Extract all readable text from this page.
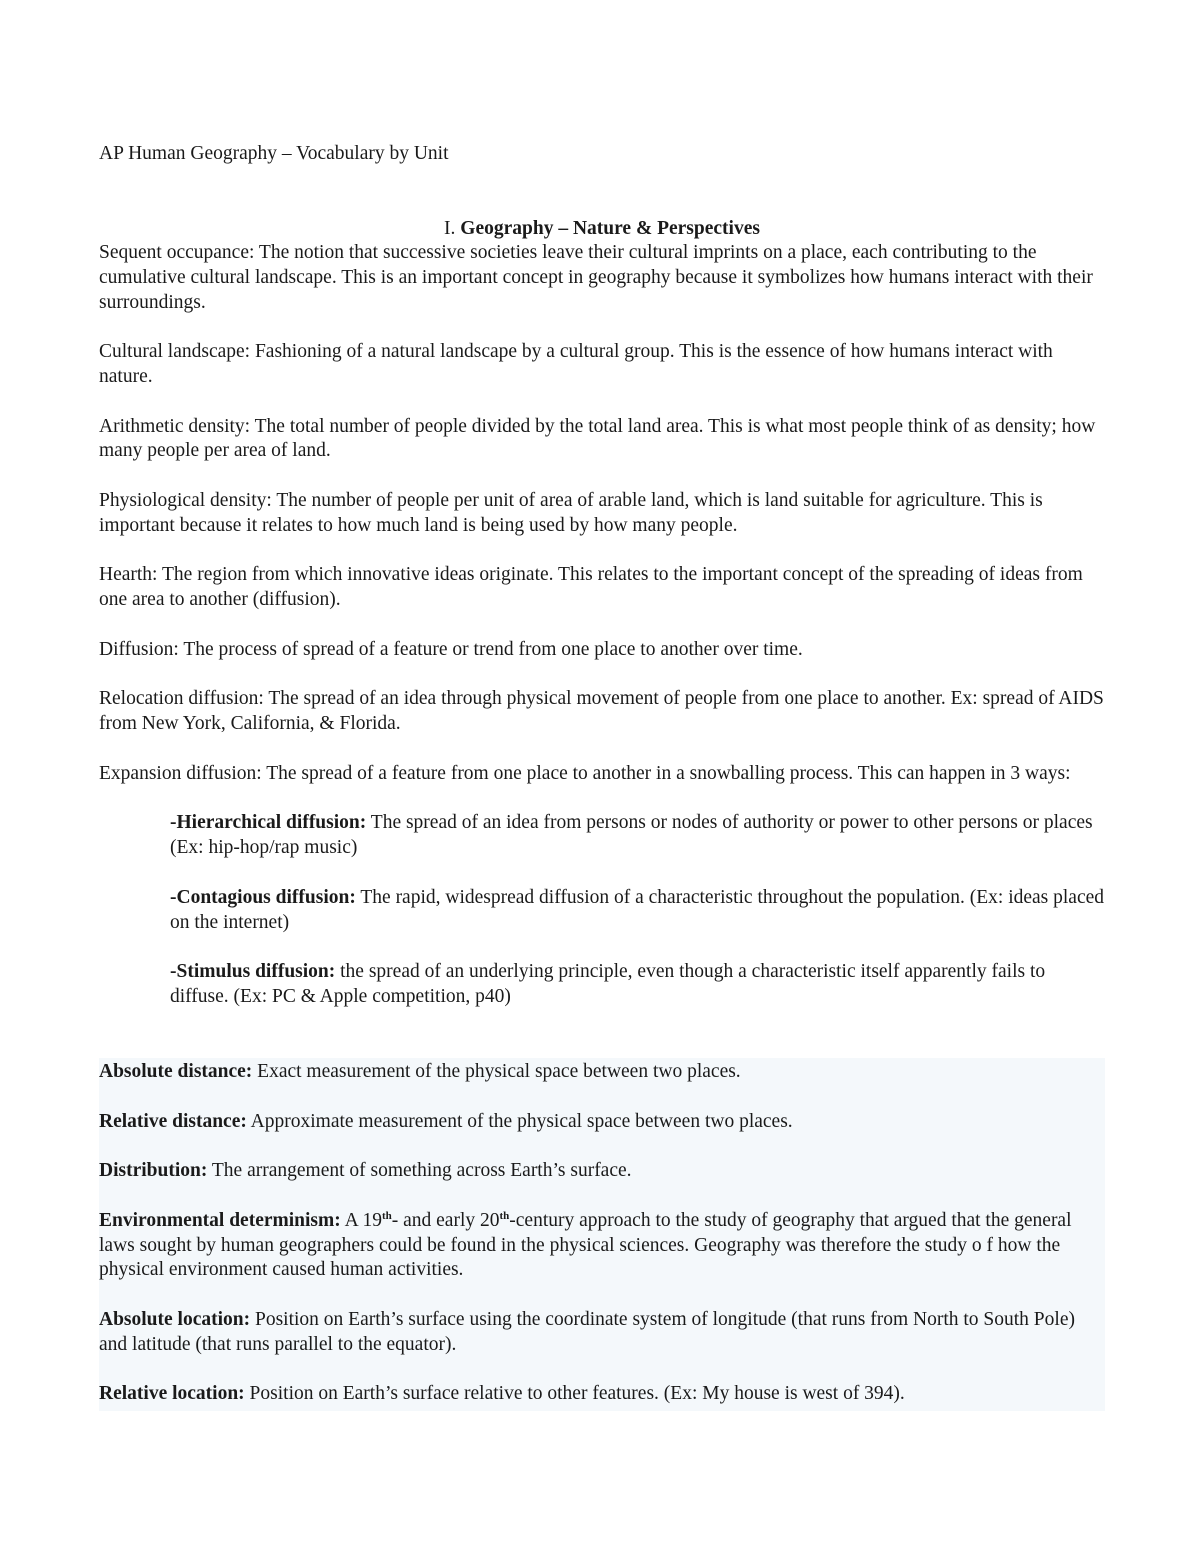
AP Human Geography – Vocabulary by Unit
I. Geography – Nature & Perspectives

Sequent occupance: The notion that successive societies leave their cultural imprints on a place, each contributing to the cumulative cultural landscape. This is an important concept in geography because it symbolizes how humans interact with their surroundings.

Cultural landscape: Fashioning of a natural landscape by a cultural group. This is the essence of how humans interact with nature.

Arithmetic density: The total number of people divided by the total land area. This is what most people think of as density; how many people per area of land.

Physiological density: The number of people per unit of area of arable land, which is land suitable for agriculture. This is important because it relates to how much land is being used by how many people.

Hearth: The region from which innovative ideas originate. This relates to the important concept of the spreading of ideas from one area to another (diffusion).

Diffusion: The process of spread of a feature or trend from one place to another over time.

Relocation diffusion: The spread of an idea through physical movement of people from one place to another. Ex: spread of AIDS from New York, California, & Florida.

Expansion diffusion: The spread of a feature from one place to another in a snowballing process. This can happen in 3 ways:

-Hierarchical diffusion: The spread of an idea from persons or nodes of authority or power to other persons or places (Ex: hip-hop/rap music)

-Contagious diffusion: The rapid, widespread diffusion of a characteristic throughout the population. (Ex: ideas placed on the internet)

-Stimulus diffusion: the spread of an underlying principle, even though a characteristic itself apparently fails to diffuse. (Ex: PC & Apple competition, p40)

Absolute distance: Exact measurement of the physical space between two places.

Relative distance: Approximate measurement of the physical space between two places.

Distribution: The arrangement of something across Earth’s surface.

Environmental determinism: A 19th- and early 20th-century approach to the study of geography that argued that the general laws sought by human geographers could be found in the physical sciences. Geography was therefore the study o f how the physical environment caused human activities.

Absolute location: Position on Earth’s surface using the coordinate system of longitude (that runs from North to South Pole) and latitude (that runs parallel to the equator).

Relative location: Position on Earth’s surface relative to other features. (Ex: My house is west of 394).
